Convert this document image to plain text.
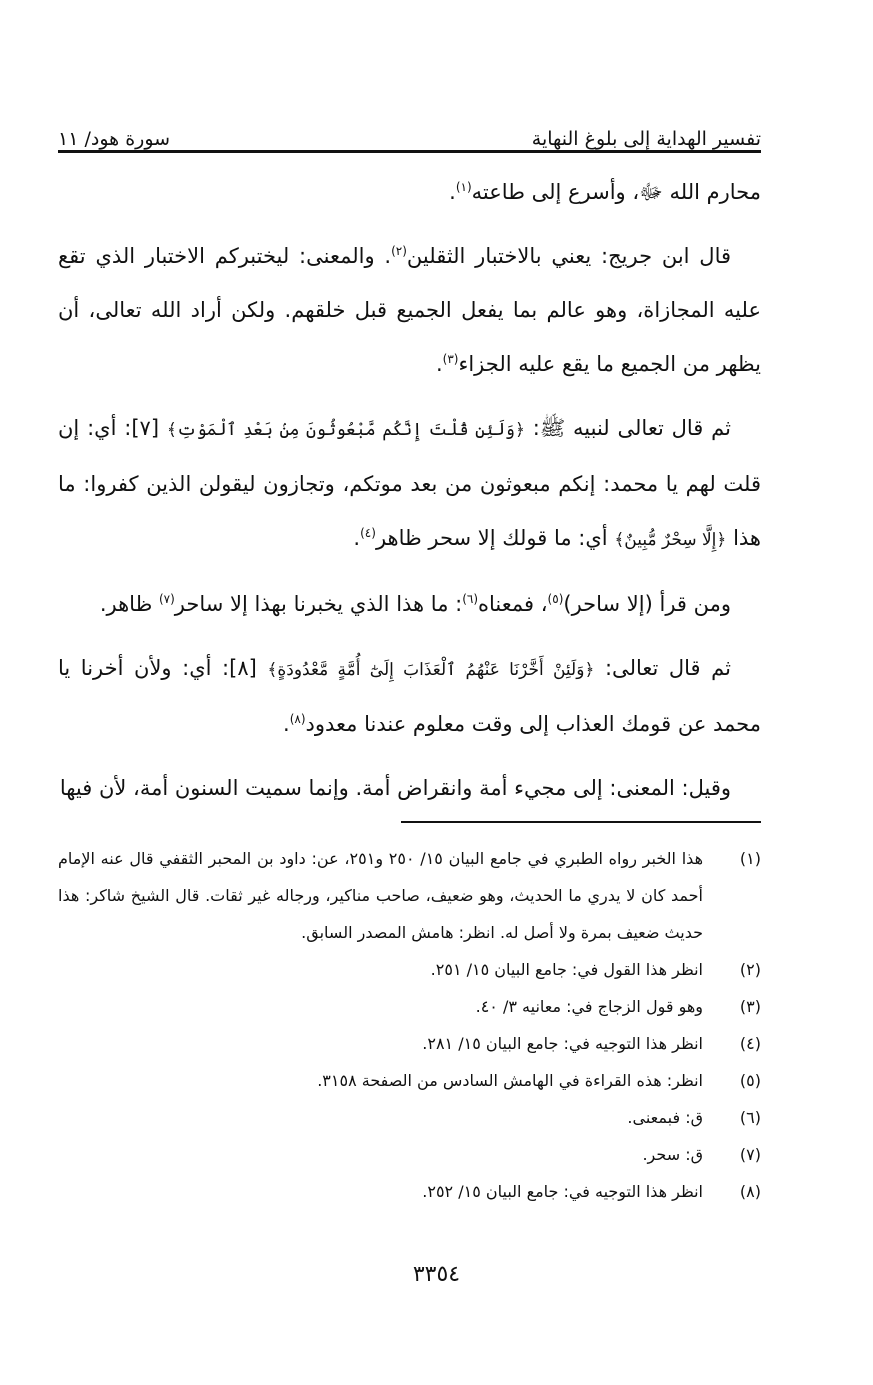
تفسير الهداية إلى بلوغ النهاية
سورة هود/ ١١

محارم الله ﷻ، وأسرع إلى طاعته$^{(١)}$.

قال ابن جريج: يعني بالاختبار الثقلين$^{(٢)}$. والمعنى: ليختبركم الاختبار الذي تقع عليه المجازاة، وهو عالم بما يفعل الجميع قبل خلقهم. ولكن أراد الله تعالى، أن يظهر من الجميع ما يقع عليه الجزاء$^{(٣)}$.

ثم قال تعالى لنبيه ﷺ: ﴿وَلَئِن قُلْتَ إِنَّكُم مَّبْعُوثُونَ مِنۢ بَعْدِ ٱلْمَوْتِ﴾ [٧]: أي: إن قلت لهم يا محمد: إنكم مبعوثون من بعد موتكم، وتجازون ليقولن الذين كفروا: ما هذا ﴿إِلَّا سِحْرٌ مُّبِينٌ﴾ أي: ما قولك إلا سحر ظاهر$^{(٤)}$.

ومن قرأ (إلا ساحر)$^{(٥)}$، فمعناه$^{(٦)}$: ما هذا الذي يخبرنا بهذا إلا ساحر$^{(٧)}$ ظاهر.

ثم قال تعالى: ﴿وَلَئِنْ أَخَّرْنَا عَنْهُمُ ٱلْعَذَابَ إِلَىٰٓ أُمَّةٍ مَّعْدُودَةٍ﴾ [٨]: أي: ولأن أخرنا يا محمد عن قومك العذاب إلى وقت معلوم عندنا معدود$^{(٨)}$.

وقيل: المعنى: إلى مجيء أمة وانقراض أمة. وإنما سميت السنون أمة، لأن فيها

(١)
هذا الخبر رواه الطبري في جامع البيان ١٥/ ٢٥٠ و٢٥١، عن: داود بن المحبر الثقفي قال عنه الإمام أحمد كان لا يدري ما الحديث، وهو ضعيف، صاحب مناكير، ورجاله غير ثقات. قال الشيخ شاكر: هذا حديث ضعيف بمرة ولا أصل له. انظر: هامش المصدر السابق.
(٢)
انظر هذا القول في: جامع البيان ١٥/ ٢٥١.
(٣)
وهو قول الزجاج في: معانيه ٣/ ٤٠.
(٤)
انظر هذا التوجيه في: جامع البيان ١٥/ ٢٨١.
(٥)
انظر: هذه القراءة في الهامش السادس من الصفحة ٣١٥٨.
(٦)
ق: فبمعنى.
(٧)
ق: سحر.
(٨)
انظر هذا التوجيه في: جامع البيان ١٥/ ٢٥٢.
٣٣٥٤
